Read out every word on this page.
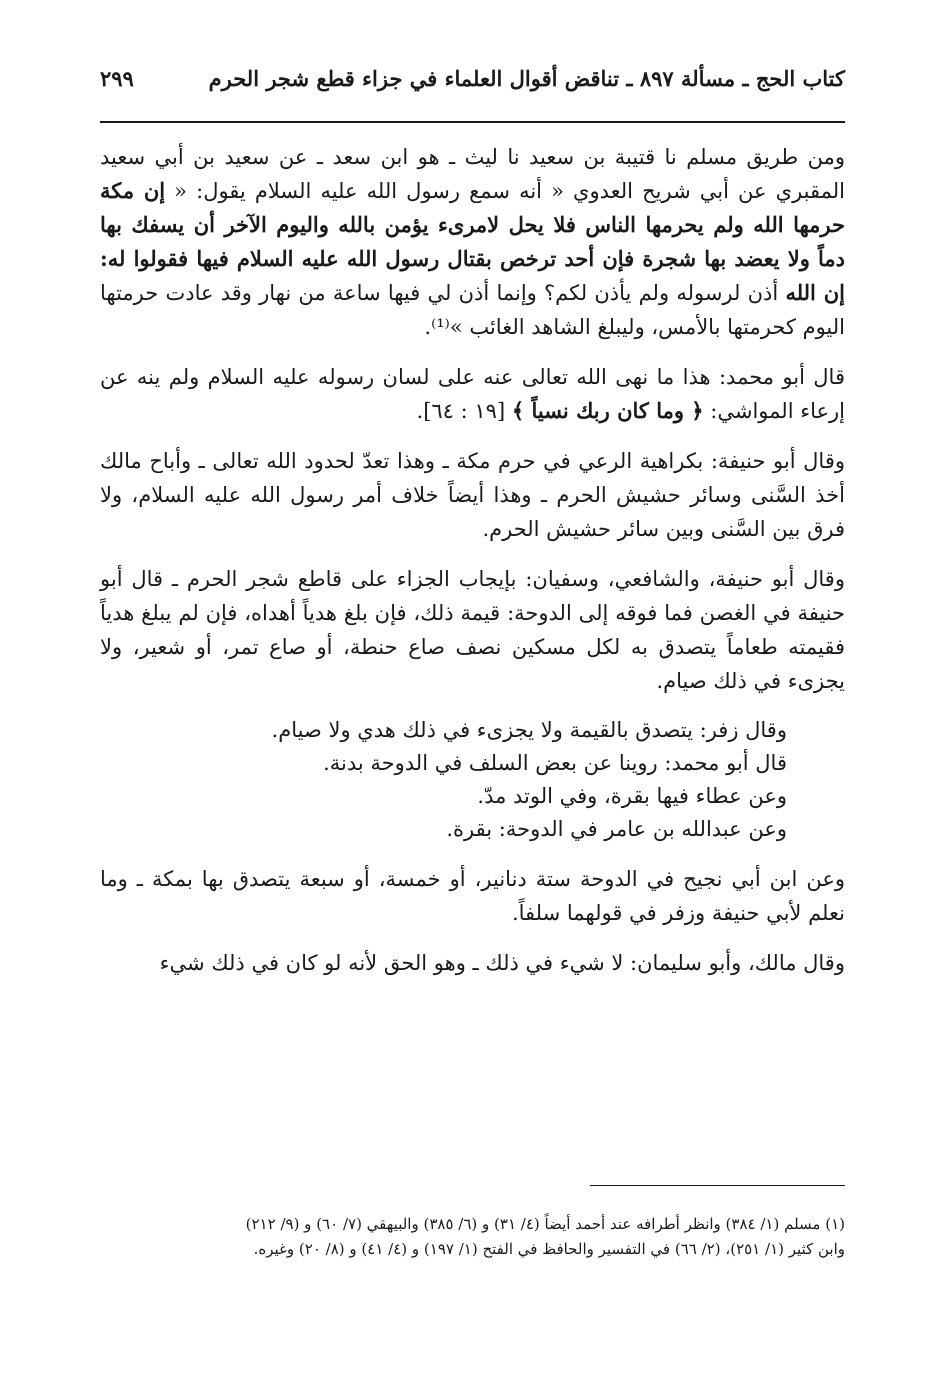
كتاب الحج ـ مسألة ٨٩٧ ـ تناقض أقوال العلماء في جزاء قطع شجر الحرم
٢٩٩

ومن طريق مسلم نا قتيبة بن سعيد نا ليث ـ هو ابن سعد ـ عن سعيد بن أبي سعيد المقبري عن أبي شريح العدوي « أنه سمع رسول الله عليه السلام يقول: « إن مكة حرمها الله ولم يحرمها الناس فلا يحل لامرىء يؤمن بالله واليوم الآخر أن يسفك بها دماً ولا يعضد بها شجرة فإن أحد ترخص بقتال رسول الله عليه السلام فيها فقولوا له: إن الله أذن لرسوله ولم يأذن لكم؟ وإنما أذن لي فيها ساعة من نهار وقد عادت حرمتها اليوم كحرمتها بالأمس، وليبلغ الشاهد الغائب »⁽¹⁾.

قال أبو محمد: هذا ما نهى الله تعالى عنه على لسان رسوله عليه السلام ولم ينه عن إرعاء المواشي: ﴿ وما كان ربك نسياً ﴾ [١٩ : ٦٤].

وقال أبو حنيفة: بكراهية الرعي في حرم مكة ـ وهذا تعدّ لحدود الله تعالى ـ وأباح مالك أخذ السَّنى وسائر حشيش الحرم ـ وهذا أيضاً خلاف أمر رسول الله عليه السلام، ولا فرق بين السَّنى وبين سائر حشيش الحرم.

وقال أبو حنيفة، والشافعي، وسفيان: بإيجاب الجزاء على قاطع شجر الحرم ـ قال أبو حنيفة في الغصن فما فوقه إلى الدوحة: قيمة ذلك، فإن بلغ هدياً أهداه، فإن لم يبلغ هدياً فقيمته طعاماً يتصدق به لكل مسكين نصف صاع حنطة، أو صاع تمر، أو شعير، ولا يجزىء في ذلك صيام.

وقال زفر: يتصدق بالقيمة ولا يجزىء في ذلك هدي ولا صيام.
قال أبو محمد: روينا عن بعض السلف في الدوحة بدنة.
وعن عطاء فيها بقرة، وفي الوتد مدّ.
وعن عبدالله بن عامر في الدوحة: بقرة.

وعن ابن أبي نجيح في الدوحة ستة دنانير، أو خمسة، أو سبعة يتصدق بها بمكة ـ وما نعلم لأبي حنيفة وزفر في قولهما سلفاً.

وقال مالك، وأبو سليمان: لا شيء في ذلك ـ وهو الحق لأنه لو كان في ذلك شيء

(١) مسلم (١/ ٣٨٤) وانظر أطرافه عند أحمد أيضاً (٤/ ٣١) و (٦/ ٣٨٥) والبيهقي (٧/ ٦٠) و (٩/ ٢١٢)
وابن كثير (١/ ٢٥١)، (٢/ ٦٦) في التفسير والحافظ في الفتح (١/ ١٩٧) و (٤/ ٤١) و (٨/ ٢٠) وغيره.
